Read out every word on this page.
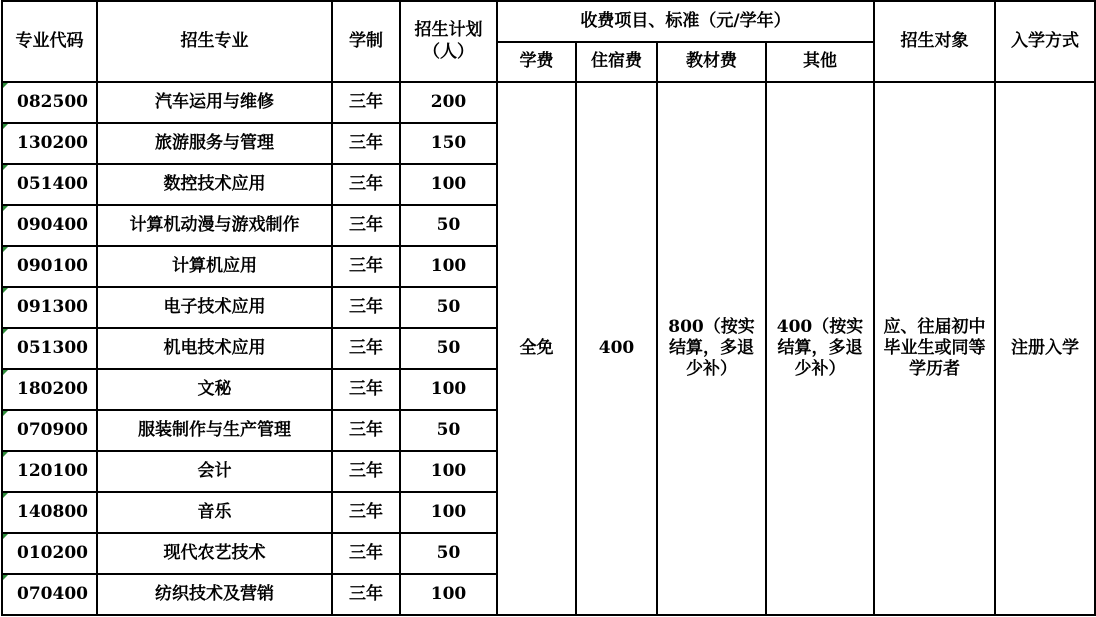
专业代码	招生专业	学制	招生计划（人）	收费项目、标准（元/学年）				招生对象	入学方式
				学费	住宿费	教材费	其他		
082500	汽车运用与维修	三年	200	全免	400	800（按实结算，多退少补）	400（按实结算，多退少补）	应、往届初中毕业生或同等学历者	注册入学
130200	旅游服务与管理	三年	150						
051400	数控技术应用	三年	100						
090400	计算机动漫与游戏制作	三年	50						
090100	计算机应用	三年	100						
091300	电子技术应用	三年	50						
051300	机电技术应用	三年	50						
180200	文秘	三年	100						
070900	服装制作与生产管理	三年	50						
120100	会计	三年	100						
140800	音乐	三年	100						
010200	现代农艺技术	三年	50						
070400	纺织技术及营销	三年	100						
